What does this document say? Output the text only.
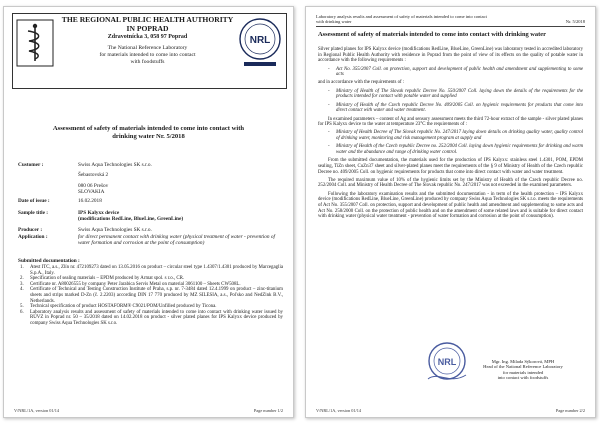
THE REGIONAL PUBLIC HEALTH AUTHORITY IN POPRAD
Zdravotnícka 3, 058 97 Poprad
The National Reference Laboratory
for materials intended to come into contact
with foodstuffs
NRL
Assessment of safety of materials intended to come into contact with
drinking water Nr. 5/2018
Customer :	Swiss Aqua Technologies SK s.r.o.
Šebastovská 2
080 06 Prešov
SLOVAKIA
Date of issue :	16.02.2018
Sample title :	IPS Kalyxx device
(modifications RedLine, BlueLine, GreenLine)
Producer :	Swiss Aqua Technologies SK s.r.o.
Application :	for direct permanent contact with drinking water (physical treatment of water - prevention of water formation and corrosion at the point of consumption)
Submitted documentation :
1. Atest ITC, a.s., Zlín nr. 472109273 dated on 13.05.2016 on product – circular steel type 1.4307/1.4301 produced by Marcegaglia S.p.A., Italy.
2. Specification of sealing materials – EPDM produced by Armat spol. s r.o., CR.
3. Certificate nr. A80026555 by company Peter Jarabica Servis Metal on material 3061100 – Sheets CW508L.
4. Certificate of Technical and Testing Construction Institute of Praha, s.p. nr. 7-3484 dated 12.4.1999 on product – zinc-titanium sheets and strips marked D-Zn (č. 2.2203) according DIN 17 770 produced by MZ SILESIA, a.s., Poľsko and NedZink B.V., Netherlands.
5. Technical specification of product HOSTAFORM® C9021/POM/Unfilled produced by Ticona.
6. Laboratory analysis results and assessment of safety of materials intended to come into contact with drinking water issued by RÚVZ in Poprad nr. 50 – 35/2018 dated on 14.02.2018 on product - silver plated planes for IPS Kalyxx device produced by company Swiss Aqua Technologies SK s.r.o.
V/NRL/1A, version 01/14	Page number 1/2
Laboratory analysis results and assessment of safety of materials intended to come into contact
with drinking water	Nr. 5/2018
Assessment of safety of materials intended to come into contact with drinking water

Silver plated planes for IPS Kalyxx device (modifications RedLine, BlueLine, GreenLine) was laboratory tested in accredited laboratory in Regional Public Health Authority with residence in Poprad from the point of view of its effects on the quality of potable water in accordance with the following requirements :

- Act No. 355/2007 Coll. on protection, support and development of public health and amendment and supplementing to some acts

and in accordance with the requirements of :

- Ministry of Health of The Slovak republic Decree No. 550/2007 Coll. laying down the details of the requirements for the products intended for contact with potable water and supplied

- Ministry of Health of the Czech republic Decree No. 409/2005 Coll. on hygienic requirements for products that come into direct contact with water and water treatment.

In examined parameters – content of Ag and sensory assessment meets the third 72-hour extract of the sample - silver plated planes for IPS Kalyxx device to the water at temperature 23°C the requirements of :

- Ministry of Health Decree of The Slovak republic No. 247/2017 laying down details on drinking quality water, quality control of drinking water, monitoring and risk management program at supply and

- Ministry of Health of the Czech republic Decree no. 252/2004 Coll. laying down hygienic requirements for drinking and warm water and the abundance and range of drinking water control.

From the submitted documentation, the materials used for the production of IPS Kalyxx: stainless steel 1.4301, POM, EPDM sealing, TiZn sheet, CuZn37 sheet and silver-plated planes meet the requirements of the § 9 of Ministry of Health of the Czech republic Decree no. 409/2005 Coll. on hygienic requirements for products that come into direct contact with water and water treatment.

The required maximum value of 10% of the hygienic limits set by the Ministry of Health of the Czech republic Decree no. 252/2004 Coll. and Ministry of Health Decree of The Slovak republic No. 247/2017 was not exceeded in the examined parameters.

Following the laboratory examination results and the submitted documentation - in term of the health protection – IPS Kalyxx device (modifications RedLine, BlueLine, GreenLine) produced by company Swiss Aqua Technologies SK s.r.o. meets the requirements of Act No. 355/2007 Coll. on protection, support and development of public health and amendment and supplementing to some acts and Act No. 258/2000 Coll. on the protection of public health and on the amendment of some related laws and is suitable for direct contact with drinking water (physical water treatment - prevention of water formation and corrosion at the point of consumption).

NRL	Mgr. Ing. Milada Sýkorová, MPH
Head of the National Reference Laboratory
for materials intended
into contact with foodstuffs
V/NRL/1A, version 01/14	Page number 2/2
